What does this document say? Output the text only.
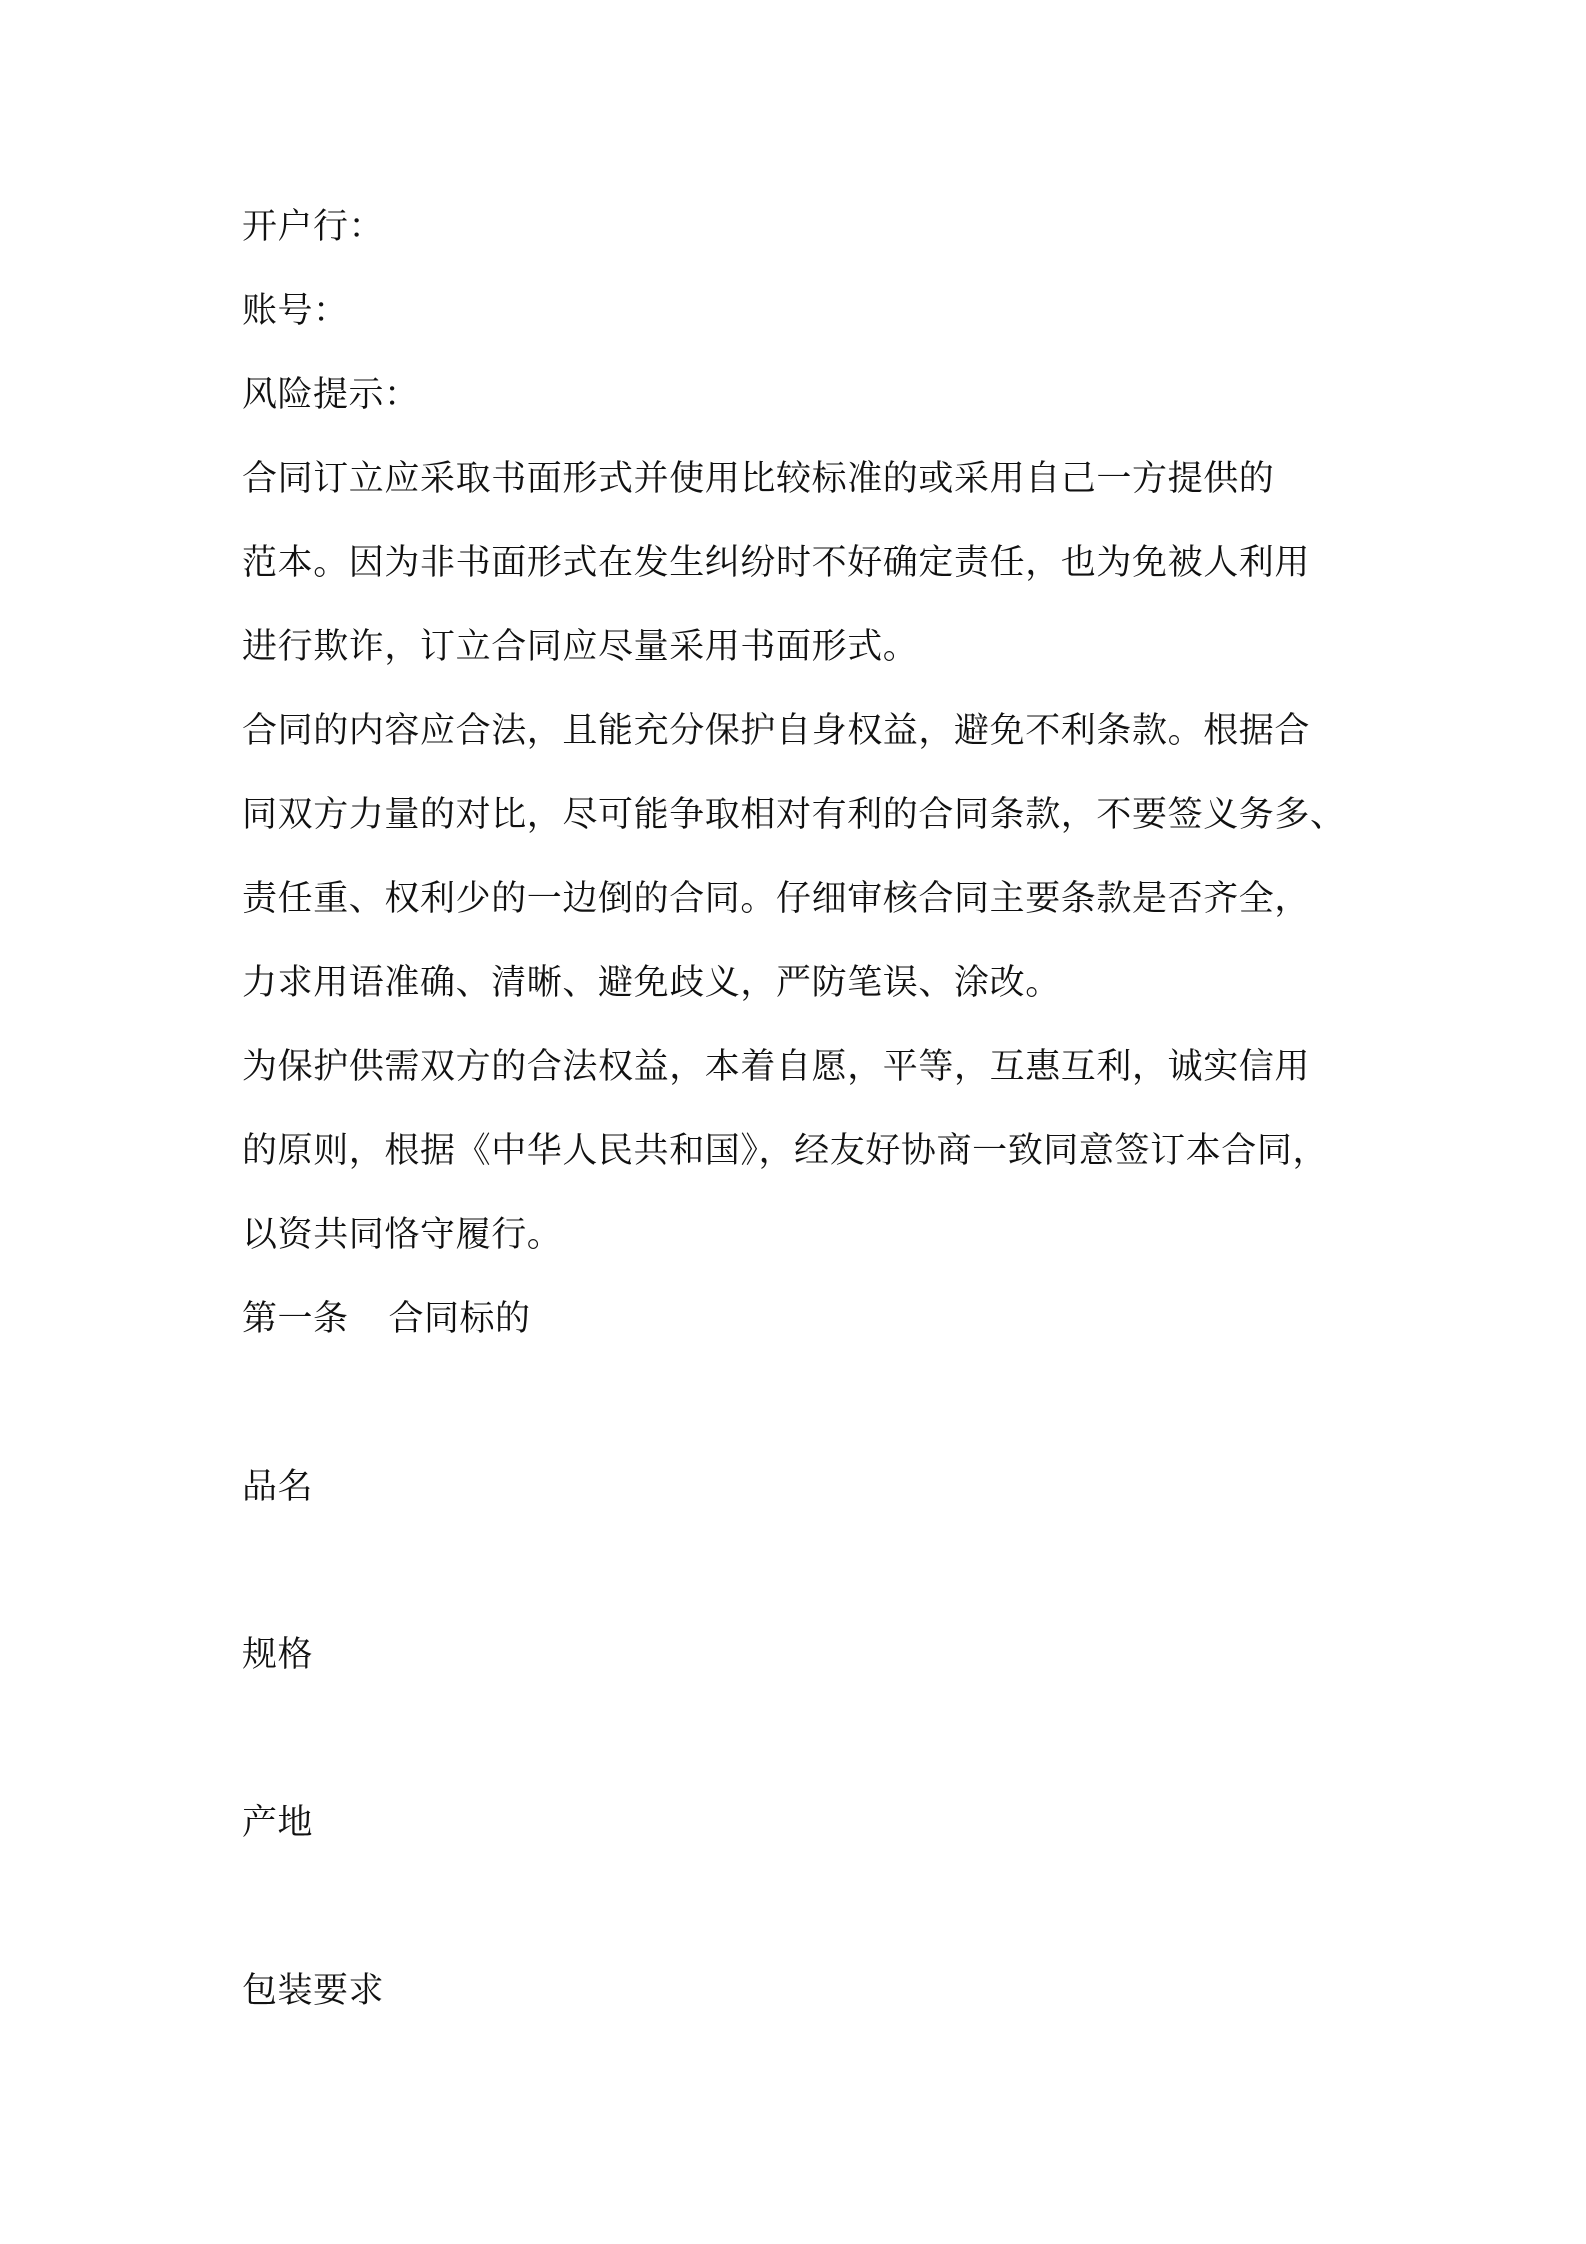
开户行：

账号：

风险提示：

合同订立应采取书面形式并使用比较标准的或采用自己一方提供的
范本。因为非书面形式在发生纠纷时不好确定责任，也为免被人利用
进行欺诈，订立合同应尽量采用书面形式。
合同的内容应合法，且能充分保护自身权益，避免不利条款。根据合
同双方力量的对比，尽可能争取相对有利的合同条款，不要签义务多、
责任重、权利少的一边倒的合同。仔细审核合同主要条款是否齐全，
力求用语准确、清晰、避免歧义，严防笔误、涂改。
为保护供需双方的合法权益，本着自愿，平等，互惠互利，诚实信用
的原则，根据《中华人民共和国》，经友好协商一致同意签订本合同，
以资共同恪守履行。

第一条 合同标的

品名

规格

产地

包装要求
